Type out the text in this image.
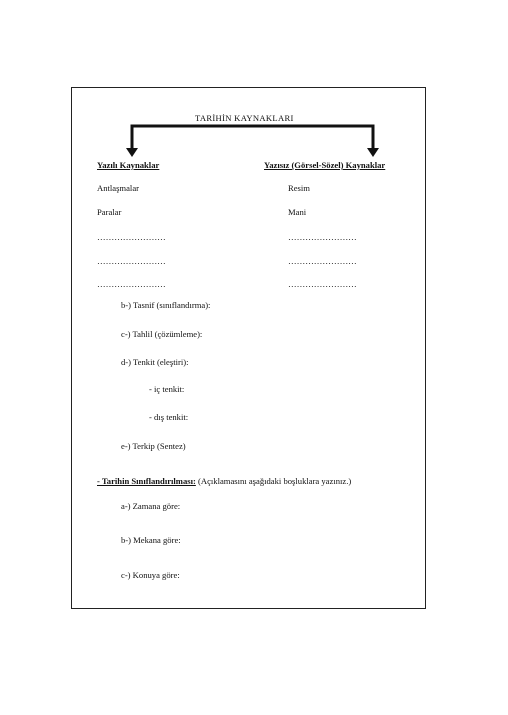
TARİHİN KAYNAKLARI
Yazılı Kaynaklar	Yazısız (Görsel-Sözel) Kaynaklar
Antlaşmalar
Paralar
……………………
……………………
……………………
Resim
Mani
……………………
……………………
……………………
b-) Tasnif (sınıflandırma):
c-) Tahlil (çözümleme):
d-) Tenkit (eleştiri):
- iç tenkit:
- dış tenkit:
e-) Terkip (Sentez)
- Tarihin Sınıflandırılması: (Açıklamasını aşağıdaki boşluklara yazınız.)
a-) Zamana göre:
b-) Mekana göre:
c-) Konuya göre:
